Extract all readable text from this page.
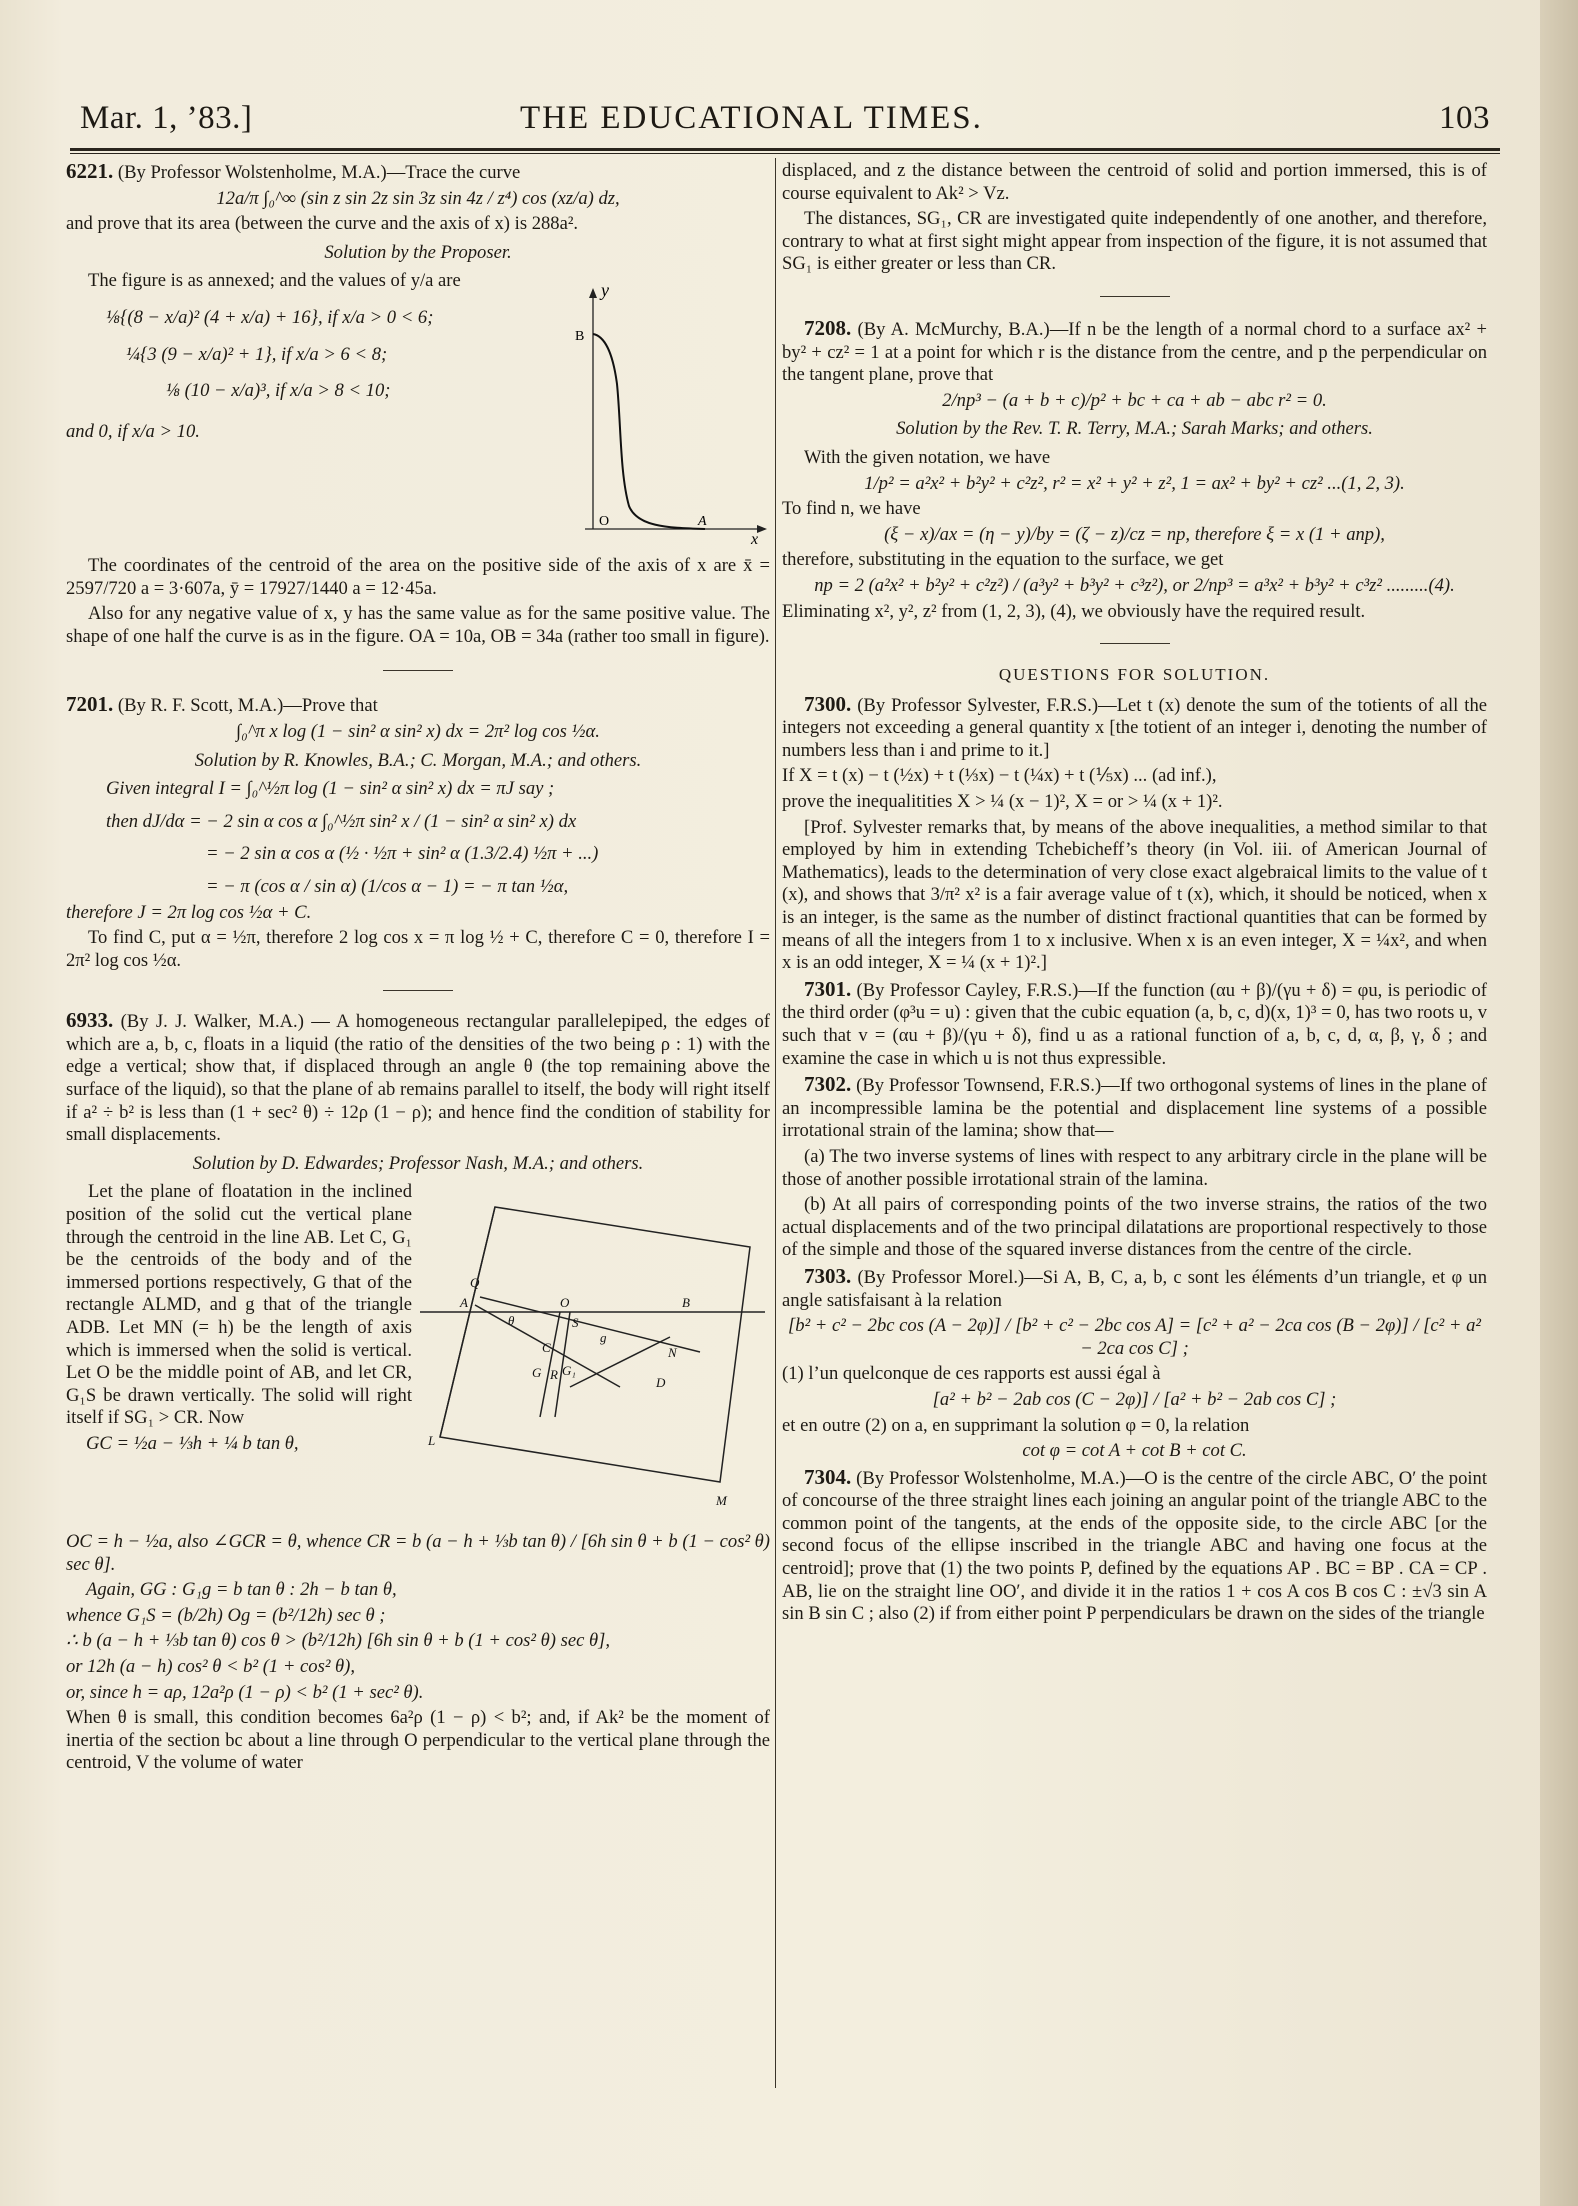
Mar. 1, ’83.]	THE EDUCATIONAL TIMES.	103

6221. (By Professor Wolstenholme, M.A.)—Trace the curve

12a/π ∫₀^∞ (sin z sin 2z sin 3z sin 4z / z⁴) cos (xz/a) dz,

and prove that its area (between the curve and the axis of x) is 288a².

Solution by the Proposer.

y
B
O	A
x

The figure is as annexed; and the values of y/a are

⅛{(8 − x/a)² (4 + x/a) + 16}, if x/a > 0 < 6;

¼{3 (9 − x/a)² + 1}, if x/a > 6 < 8;

⅛ (10 − x/a)³, if x/a > 8 < 10;

and 0, if x/a > 10.

The coordinates of the centroid of the area on the positive side of the axis of x are x̄ = 2597/720 a = 3·607a, ȳ = 17927/1440 a = 12·45a.

Also for any negative value of x, y has the same value as for the same positive value. The shape of one half the curve is as in the figure. OA = 10a, OB = 34a (rather too small in figure).

7201. (By R. F. Scott, M.A.)—Prove that

∫₀^π x log (1 − sin² α sin² x) dx = 2π² log cos ½α.

Solution by R. Knowles, B.A.; C. Morgan, M.A.; and others.

Given integral I = ∫₀^½π log (1 − sin² α sin² x) dx = πJ say ;

then dJ/dα = − 2 sin α cos α ∫₀^½π sin² x / (1 − sin² α sin² x) dx

= − 2 sin α cos α (½ · ½π + sin² α (1.3/2.4) ½π + ...)

= − π (cos α / sin α) (1/cos α − 1) = − π tan ½α,

therefore J = 2π log cos ½α + C.

To find C, put α = ½π, therefore 2 log cos x = π log ½ + C, therefore C = 0, therefore I = 2π² log cos ½α.

6933. (By J. J. Walker, M.A.) — A homogeneous rectangular parallelepiped, the edges of which are a, b, c, floats in a liquid (the ratio of the densities of the two being ρ : 1) with the edge a vertical; show that, if displaced through an angle θ (the top remaining above the surface of the liquid), so that the plane of ab remains parallel to itself, the body will right itself if a² ÷ b² is less than (1 + sec² θ) ÷ 12ρ (1 − ρ); and hence find the condition of stability for small displacements.

Solution by D. Edwardes; Professor Nash, M.A.; and others.

Q
A	O
S
B
C
g
N
G R G₁
D
L
M
θ

Let the plane of floatation in the inclined position of the solid cut the vertical plane through the centroid in the line AB. Let C, G₁ be the centroids of the body and of the immersed portions respectively, G that of the rectangle ALMD, and g that of the triangle ADB. Let MN (= h) be the length of axis which is immersed when the solid is vertical. Let O be the middle point of AB, and let CR, G₁S be drawn vertically. The solid will right itself if SG₁ > CR. Now

GC = ½a − ⅓h + ¼ b tan θ,

OC = h − ½a, also ∠GCR = θ, whence CR = b (a − h + ⅓b tan θ) / [6h sin θ + b (1 − cos² θ) sec θ].

Again, GG : G₁g = b tan θ : 2h − b tan θ,

whence G₁S = (b/2h) Og = (b²/12h) sec θ ;

∴ b (a − h + ⅓b tan θ) cos θ > (b²/12h) [6h sin θ + b (1 + cos² θ) sec θ],

or 12h (a − h) cos² θ < b² (1 + cos² θ),

or, since h = aρ, 12a²ρ (1 − ρ) < b² (1 + sec² θ).

When θ is small, this condition becomes 6a²ρ (1 − ρ) < b²; and, if Ak² be the moment of inertia of the section bc about a line through O perpendicular to the vertical plane through the centroid, V the volume of water

displaced, and z the distance between the centroid of solid and portion immersed, this is of course equivalent to Ak² > Vz.

The distances, SG₁, CR are investigated quite independently of one another, and therefore, contrary to what at first sight might appear from inspection of the figure, it is not assumed that SG₁ is either greater or less than CR.

7208. (By A. McMurchy, B.A.)—If n be the length of a normal chord to a surface ax² + by² + cz² = 1 at a point for which r is the distance from the centre, and p the perpendicular on the tangent plane, prove that

2/np³ − (a + b + c)/p² + bc + ca + ab − abc r² = 0.

Solution by the Rev. T. R. Terry, M.A.; Sarah Marks; and others.

With the given notation, we have

1/p² = a²x² + b²y² + c²z², r² = x² + y² + z², 1 = ax² + by² + cz² ...(1, 2, 3).

To find n, we have

(ξ − x)/ax = (η − y)/by = (ζ − z)/cz = np, therefore ξ = x (1 + anp),

therefore, substituting in the equation to the surface, we get

np = 2 (a²x² + b²y² + c²z²) / (a³y² + b³y² + c³z²), or 2/np³ = a³x² + b³y² + c³z² .........(4).

Eliminating x², y², z² from (1, 2, 3), (4), we obviously have the required result.

QUESTIONS FOR SOLUTION.

7300. (By Professor Sylvester, F.R.S.)—Let t (x) denote the sum of the totients of all the integers not exceeding a general quantity x [the totient of an integer i, denoting the number of numbers less than i and prime to it.]

If X = t (x) − t (½x) + t (⅓x) − t (¼x) + t (⅕x) ... (ad inf.),

prove the inequalitities X > ¼ (x − 1)², X = or > ¼ (x + 1)².

[Prof. Sylvester remarks that, by means of the above inequalities, a method similar to that employed by him in extending Tchebicheff’s theory (in Vol. iii. of American Journal of Mathematics), leads to the determination of very close exact algebraical limits to the value of t (x), and shows that 3/π² x² is a fair average value of t (x), which, it should be noticed, when x is an integer, is the same as the number of distinct fractional quantities that can be formed by means of all the integers from 1 to x inclusive. When x is an even integer, X = ¼x², and when x is an odd integer, X = ¼ (x + 1)².]

7301. (By Professor Cayley, F.R.S.)—If the function (αu + β)/(γu + δ) = φu, is periodic of the third order (φ³u = u) : given that the cubic equation (a, b, c, d)(x, 1)³ = 0, has two roots u, v such that v = (αu + β)/(γu + δ), find u as a rational function of a, b, c, d, α, β, γ, δ ; and examine the case in which u is not thus expressible.

7302. (By Professor Townsend, F.R.S.)—If two orthogonal systems of lines in the plane of an incompressible lamina be the potential and displacement line systems of a possible irrotational strain of the lamina; show that—

(a) The two inverse systems of lines with respect to any arbitrary circle in the plane will be those of another possible irrotational strain of the lamina.

(b) At all pairs of corresponding points of the two inverse strains, the ratios of the two actual displacements and of the two principal dilatations are proportional respectively to those of the simple and those of the squared inverse distances from the centre of the circle.

7303. (By Professor Morel.)—Si A, B, C, a, b, c sont les éléments d’un triangle, et φ un angle satisfaisant à la relation

[b² + c² − 2bc cos (A − 2φ)] / [b² + c² − 2bc cos A] = [c² + a² − 2ca cos (B − 2φ)] / [c² + a² − 2ca cos C] ;

(1) l’un quelconque de ces rapports est aussi égal à

[a² + b² − 2ab cos (C − 2φ)] / [a² + b² − 2ab cos C] ;

et en outre (2) on a, en supprimant la solution φ = 0, la relation

cot φ = cot A + cot B + cot C.

7304. (By Professor Wolstenholme, M.A.)—O is the centre of the circle ABC, O′ the point of concourse of the three straight lines each joining an angular point of the triangle ABC to the common point of the tangents, at the ends of the opposite side, to the circle ABC [or the second focus of the ellipse inscribed in the triangle ABC and having one focus at the centroid]; prove that (1) the two points P, defined by the equations AP . BC = BP . CA = CP . AB, lie on the straight line OO′, and divide it in the ratios 1 + cos A cos B cos C : ±√3 sin A sin B sin C ; also (2) if from either point P perpendiculars be drawn on the sides of the triangle
